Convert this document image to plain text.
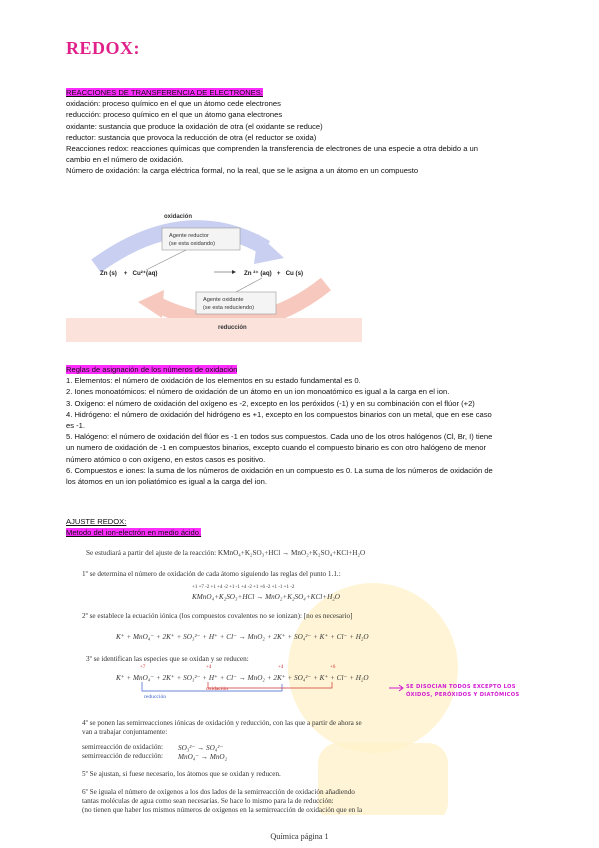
REDOX:
REACCIONES DE TRANSFERENCIA DE ELECTRONES:
oxidación: proceso químico en el que un átomo cede electrones
reducción: proceso químico en el que un átomo gana electrones
oxidante: sustancia que produce la oxidación de otra (el oxidante se reduce)
reductor: sustancia que provoca la reducción de otra (el reductor se oxida)
Reacciones redox: reacciones químicas que comprenden la transferencia de electrones de una especie a otra debido a un
cambio en el número de oxidación.
Número de oxidación: la carga eléctrica formal, no la real, que se le asigna a un átomo en un compuesto
oxidación
Agente reductor
(se esta oxidando)
Agente oxidante
(se esta reduciendo)
reducción
Zn (s)    +   Cu²⁺(aq)	Zn ²⁺ (aq)   +   Cu (s)
Reglas de asignación de los números de oxidación
1. Elementos: el número de oxidación de los elementos en su estado fundamental es 0.
2. Iones monoatómicos: el número de oxidación de un átomo en un ion monoatómico es igual a la carga en el ion.
3. Oxígeno: el número de oxidación del oxígeno es -2, excepto en los peróxidos (-1) y en su combinación con el flúor (+2)
4. Hidrógeno: el número de oxidación del hidrógeno es +1, excepto en los compuestos binarios con un metal, que en ese caso
es -1.
5. Halógeno: el número de oxidación del flúor es -1 en todos sus compuestos. Cada uno de los otros halógenos (Cl, Br, I) tiene
un numero de oxidación de -1 en compuestos binarios, excepto cuando el compuesto binario es con otro halógeno de menor
número atómico o con oxígeno, en estos casos es positivo.
6. Compuestos e iones: la suma de los números de oxidación en un compuesto es 0. La suma de los números de oxidación de
los átomos en un ion poliatómico es igual a la carga del ion.
AJUSTE REDOX:
Metodo del ion-electrón en medio ácido.
Se estudiará a partir del ajuste de la reacción: KMnO₄+K₂SO₃+HCl → MnO₂+K₂SO₄+KCl+H₂O
1º se determina el número de oxidación de cada átomo siguiendo las reglas del punto 1.1.:
+1 +7 -2 +1 +4 -2 +1 -1 +4 -2 +1 +6 -2 +1 -1 +1 -2
KMnO₄+K₂SO₃+HCl → MnO₂+K₂SO₄+KCl+H₂O
2º se establece la ecuación iónica (los compuestos covalentes no se ionizan): [no es necesario]
K⁺ + MnO₄⁻ + 2K⁺ + SO₃²⁻ + H⁺ + Cl⁻ → MnO₂ + 2K⁺ + SO₄²⁻ + K⁺ + Cl⁻ + H₂O
3º se identifican las especies que se oxidan y se reducen:
+7	+4	+4	+6
K⁺ + MnO₄⁻ + 2K⁺ + SO₃²⁻ + H⁺ + Cl⁻ → MnO₂ + 2K⁺ + SO₄²⁻ + K⁺ + Cl⁻ + H₂O
reducción
oxidación
4º se ponen las semirreacciones iónicas de oxidación y reducción, con las que a partir de ahora se
van a trabajar conjuntamente:
semirreacción de oxidación: SO₃²⁻ → SO₄²⁻
semirreacción de reducción: MnO₄⁻ → MnO₂
5º Se ajustan, si fuese necesario, los átomos que se oxidan y reducen.
6º Se iguala el número de oxígenos a los dos lados de la semirreacción de oxidación añadiendo
tantas moléculas de agua como sean necesarias. Se hace lo mismo para la de reducción:
(no tienen que haber los mismos números de oxígenos en la semirreacción de oxidación que en la
SE DISOCIAN TODOS EXCEPTO LOS
ÓXIDOS, PERÓXIDOS Y DIATÓMICOS
Química página 1
